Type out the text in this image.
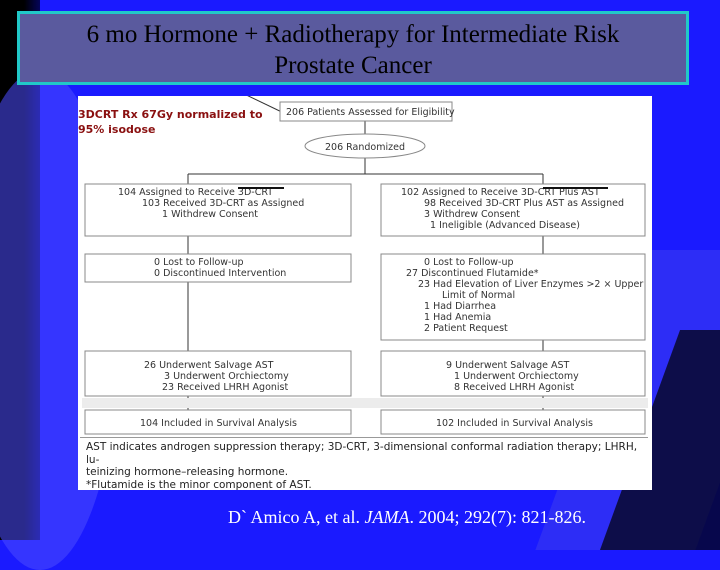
6 mo Hormone + Radiotherapy for Intermediate Risk
Prostate Cancer
206 Patients Assessed for Eligibility
206 Randomized
104 Assigned to Receive 3D-CRT
103 Received 3D-CRT as Assigned
1 Withdrew Consent
102 Assigned to Receive 3D-CRT Plus AST
98 Received 3D-CRT Plus AST as Assigned
3 Withdrew Consent
1 Ineligible (Advanced Disease)
0 Lost to Follow-up
0 Discontinued Intervention
0 Lost to Follow-up
27 Discontinued Flutamide*
23 Had Elevation of Liver Enzymes >2 × Upper
Limit of Normal
1 Had Diarrhea
1 Had Anemia
2 Patient Request
26 Underwent Salvage AST
3 Underwent Orchiectomy
23 Received LHRH Agonist
9 Underwent Salvage AST
1 Underwent Orchiectomy
8 Received LHRH Agonist
104 Included in Survival Analysis	102 Included in Survival Analysis
3DCRT Rx 67Gy normalized to
95% isodose
AST indicates androgen suppression therapy; 3D-CRT, 3-dimensional conformal radiation therapy; LHRH, lu-
teinizing hormone–releasing hormone.
*Flutamide is the minor component of AST.
D` Amico A, et al. JAMA. 2004; 292(7): 821-826.
